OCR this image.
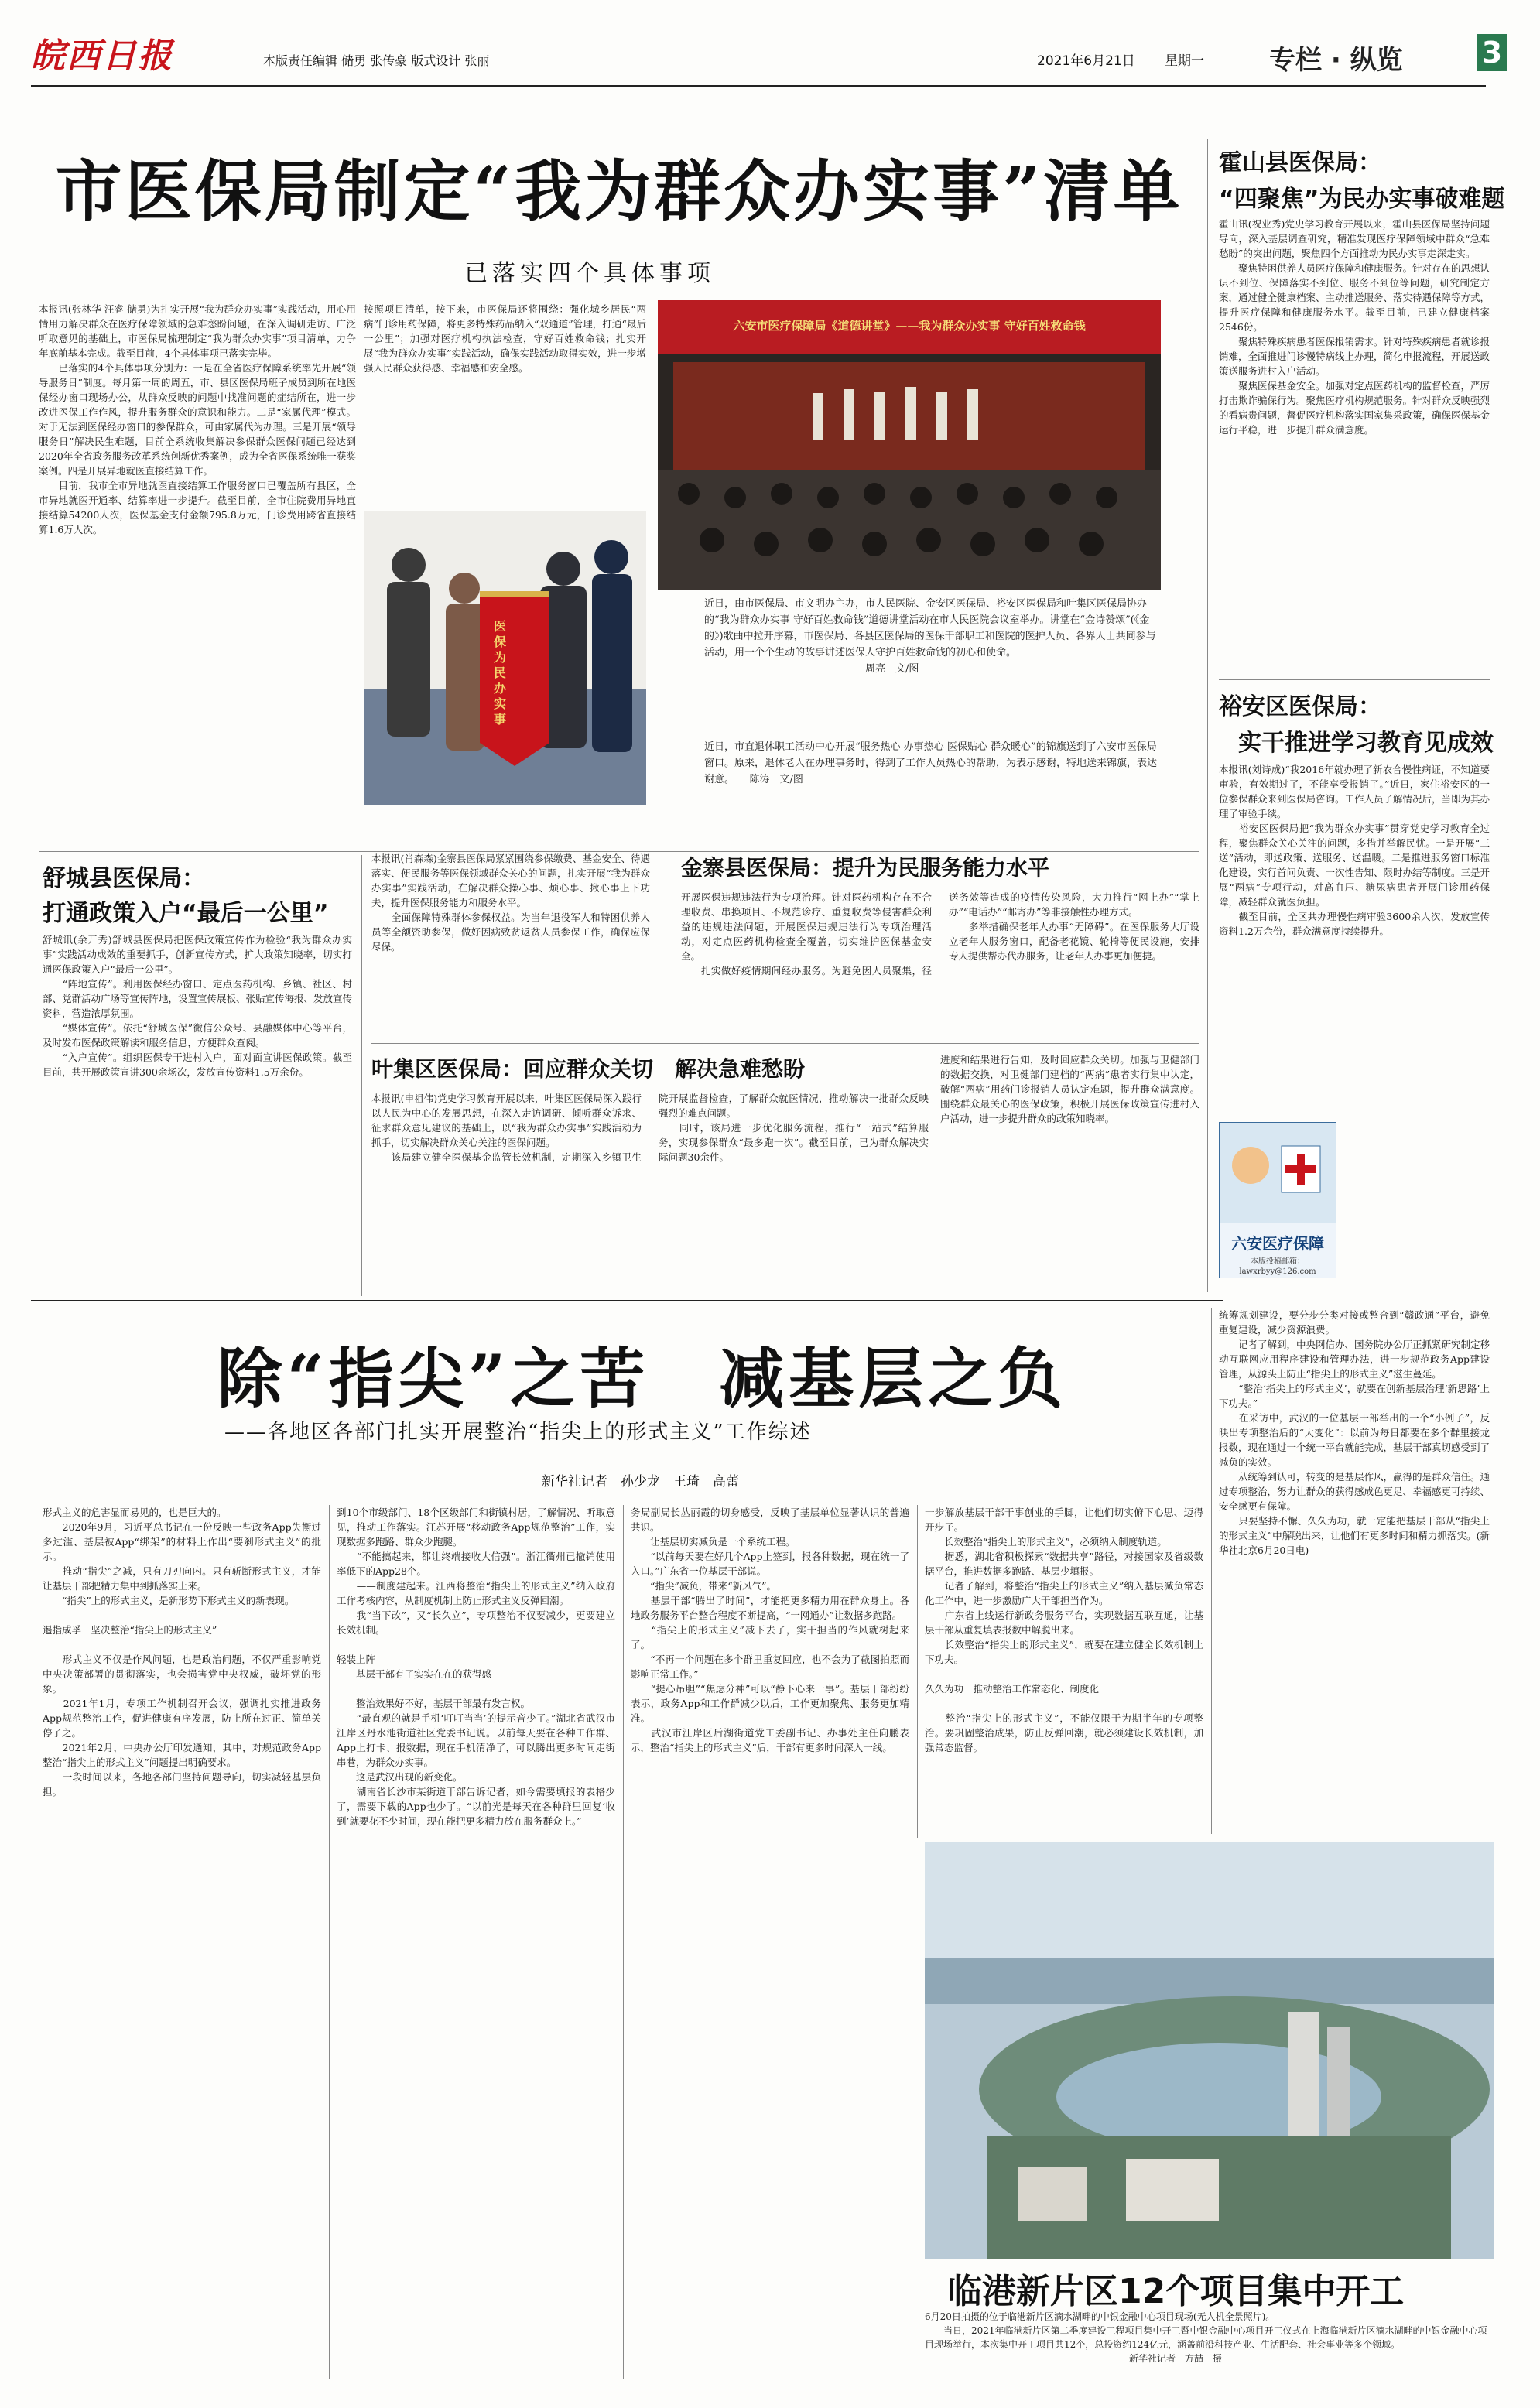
皖西日报	本版责任编辑 储勇 张传豪 版式设计 张丽	2021年6月21日 星期一 专栏 · 纵览	3
市医保局制定“我为群众办实事”清单
已落实四个具体事项
本报讯(张林华 汪睿 储勇)为扎实开展“我为群众办实事”实践活动，用心用情用力解决群众在医疗保障领域的急难愁盼问题，在深入调研走访、广泛听取意见的基础上，市医保局梳理制定“我为群众办实事”项目清单，力争年底前基本完成。截至目前，4个具体事项已落实完毕。
　　已落实的4个具体事项分别为：一是在全省医疗保障系统率先开展“领导服务日”制度。每月第一周的周五，市、县区医保局班子成员到所在地医保经办窗口现场办公，从群众反映的问题中找准问题的症结所在，进一步改进医保工作作风，提升服务群众的意识和能力。二是“家属代理”模式。对于无法到医保经办窗口的参保群众，可由家属代为办理。三是开展“领导服务日”解决民生难题，目前全系统收集解决参保群众医保问题已经达到2020年全省政务服务改革系统创新优秀案例，成为全省医保系统唯一获奖案例。四是开展异地就医直接结算工作。
　　目前，我市全市异地就医直接结算工作服务窗口已覆盖所有县区，全市异地就医开通率、结算率进一步提升。截至目前，全市住院费用异地直接结算54200人次，医保基金支付金额795.8万元，门诊费用跨省直接结算1.6万人次。
按照项目清单，按下来，市医保局还将围绕：强化城乡居民“两病”门诊用药保障，将更多特殊药品纳入“双通道”管理，打通“最后一公里”；加强对医疗机构执法检查，守好百姓救命钱；扎实开展“我为群众办实事”实践活动，确保实践活动取得实效，进一步增强人民群众获得感、幸福感和安全感。
医保为民办实事
六安市医疗保障局《道德讲堂》——我为群众办实事 守好百姓救命钱
近日，由市医保局、市文明办主办，市人民医院、金安区医保局、裕安区医保局和叶集区医保局协办的“我为群众办实事 守好百姓救命钱”道德讲堂活动在市人民医院会议室举办。讲堂在“金诗赞颂”(《金的》)歌曲中拉开序幕，市医保局、各县区医保局的医保干部职工和医院的医护人员、各界人士共同参与活动，用一个个生动的故事讲述医保人守护百姓救命钱的初心和使命。
　　　　　　　　　　　　　　　　周亮　文/图
近日，市直退休职工活动中心开展“服务热心 办事热心 医保贴心 群众暖心”的锦旗送到了六安市医保局窗口。原来，退休老人在办理事务时，得到了工作人员热心的帮助，为表示感谢，特地送来锦旗，表达谢意。　　陈涛　文/图
霍山县医保局：
“四聚焦”为民办实事破难题
霍山讯(祝业秀)党史学习教育开展以来，霍山县医保局坚持问题导向，深入基层调查研究，精准发现医疗保障领域中群众“急难愁盼”的突出问题，聚焦四个方面推动为民办实事走深走实。
　　聚焦特困供养人员医疗保障和健康服务。针对存在的思想认识不到位、保障落实不到位、服务不到位等问题，研究制定方案，通过健全健康档案、主动推送服务、落实待遇保障等方式，提升医疗保障和健康服务水平。截至目前，已建立健康档案2546份。
　　聚焦特殊疾病患者医保报销需求。针对特殊疾病患者就诊报销难，全面推进门诊慢特病线上办理，简化申报流程，开展送政策送服务进村入户活动。
　　聚焦医保基金安全。加强对定点医药机构的监督检查，严厉打击欺诈骗保行为。聚焦医疗机构规范服务。针对群众反映强烈的看病贵问题，督促医疗机构落实国家集采政策，确保医保基金运行平稳，进一步提升群众满意度。
裕安区医保局：
实干推进学习教育见成效
本报讯(刘诗成)“我2016年就办理了新农合慢性病证，不知道要审验，有效期过了，不能享受报销了。”近日，家住裕安区的一位参保群众来到医保局咨询。工作人员了解情况后，当即为其办理了审验手续。
　　裕安区医保局把“我为群众办实事”贯穿党史学习教育全过程，聚焦群众关心关注的问题，多措并举解民忧。一是开展“三送”活动，即送政策、送服务、送温暖。二是推进服务窗口标准化建设，实行首问负责、一次性告知、限时办结等制度。三是开展“两病”专项行动，对高血压、糖尿病患者开展门诊用药保障，减轻群众就医负担。
　　截至目前，全区共办理慢性病审验3600余人次，发放宣传资料1.2万余份，群众满意度持续提升。
六安医疗保障
本版投稿邮箱：lawxrbyy@126.com
舒城县医保局：
打通政策入户“最后一公里”
舒城讯(余开秀)舒城县医保局把医保政策宣传作为检验“我为群众办实事”实践活动成效的重要抓手，创新宣传方式，扩大政策知晓率，切实打通医保政策入户“最后一公里”。
　　“阵地宣传”。利用医保经办窗口、定点医药机构、乡镇、社区、村部、党群活动广场等宣传阵地，设置宣传展板、张贴宣传海报、发放宣传资料，营造浓厚氛围。
　　“媒体宣传”。依托“舒城医保”微信公众号、县融媒体中心等平台，及时发布医保政策解读和服务信息，方便群众查阅。
　　“入户宣传”。组织医保专干进村入户，面对面宣讲医保政策。截至目前，共开展政策宣讲300余场次，发放宣传资料1.5万余份。
本报讯(肖森森)金寨县医保局紧紧围绕参保缴费、基金安全、待遇落实、便民服务等医保领域群众关心的问题，扎实开展“我为群众办实事”实践活动，在解决群众操心事、烦心事、揪心事上下功夫，提升医保服务能力和服务水平。
　　全面保障特殊群体参保权益。为当年退役军人和特困供养人员等全额资助参保，做好因病致贫返贫人员参保工作，确保应保尽保。
金寨县医保局：提升为民服务能力水平
开展医保违规违法行为专项治理。针对医药机构存在不合理收费、串换项目、不规范诊疗、重复收费等侵害群众利益的违规违法问题，开展医保违规违法行为专项治理活动，对定点医药机构检查全覆盖，切实维护医保基金安全。
　　扎实做好疫情期间经办服务。为避免因人员聚集，径送务效等造成的疫情传染风险，大力推行“网上办”“掌上办”“电话办”“邮寄办”等非接触性办理方式。
　　多举措确保老年人办事“无障碍”。在医保服务大厅设立老年人服务窗口，配备老花镜、轮椅等便民设施，安排专人提供帮办代办服务，让老年人办事更加便捷。
叶集区医保局：回应群众关切　解决急难愁盼
本报讯(申祖伟)党史学习教育开展以来，叶集区医保局深入践行以人民为中心的发展思想，在深入走访调研、倾听群众诉求、征求群众意见建议的基础上，以“我为群众办实事”实践活动为抓手，切实解决群众关心关注的医保问题。
　　该局建立健全医保基金监管长效机制，定期深入乡镇卫生院开展监督检查，了解群众就医情况，推动解决一批群众反映强烈的难点问题。
　　同时，该局进一步优化服务流程，推行“一站式”结算服务，实现参保群众“最多跑一次”。截至目前，已为群众解决实际问题30余件。
进度和结果进行告知，及时回应群众关切。加强与卫健部门的数据交换，对卫健部门建档的“两病”患者实行集中认定，破解“两病”用药门诊报销人员认定难题，提升群众满意度。围绕群众最关心的医保政策，积极开展医保政策宣传进村入户活动，进一步提升群众的政策知晓率。
除“指尖”之苦　减基层之负
——各地区各部门扎实开展整治“指尖上的形式主义”工作综述
新华社记者　孙少龙　王琦　高蕾
形式主义的危害显而易见的，也是巨大的。
　　2020年9月，习近平总书记在一份反映一些政务App失衡过多过滥、基层被App“绑架”的材料上作出“要刹形式主义”的批示。
　　推动“指尖”之减，只有刀刃向内。只有斩断形式主义，才能让基层干部把精力集中到抓落实上来。
　　“指尖”上的形式主义，是新形势下形式主义的新表现。

遏指成孚　坚决整治“指尖上的形式主义”

　　形式主义不仅是作风问题，也是政治问题，不仅严重影响党中央决策部署的贯彻落实，也会损害党中央权威，破坏党的形象。
　　2021年1月，专项工作机制召开会议，强调扎实推进政务App规范整治工作，促进健康有序发展，防止所在过正、简单关停了之。
　　2021年2月，中央办公厅印发通知，其中，对规范政务App整治“指尖上的形式主义”问题提出明确要求。
　　一段时间以来，各地各部门坚持问题导向，切实减轻基层负担。
到10个市级部门、18个区级部门和街镇村居，了解情况、听取意见，推动工作落实。江苏开展“移动政务App规范整治”工作，实现数据多跑路、群众少跑腿。
　　“不能搞起来，都让终端接收大信强”。浙江衢州已撤销使用率低下的App28个。
　　——制度建起来。江西将整治“指尖上的形式主义”纳入政府工作考核内容，从制度机制上防止形式主义反弹回潮。
　　我“当下改”，又“长久立”，专项整治不仅要减少，更要建立长效机制。

轻装上阵
　　基层干部有了实实在在的获得感

　　整治效果好不好，基层干部最有发言权。
　　“最直观的就是手机‘叮叮当当’的提示音少了。”湖北省武汉市江岸区丹水池街道社区党委书记说。以前每天要在各种工作群、App上打卡、报数据，现在手机清净了，可以腾出更多时间走街串巷，为群众办实事。
　　这是武汉出现的新变化。
　　湖南省长沙市某街道干部告诉记者，如今需要填报的表格少了，需要下载的App也少了。“以前光是每天在各种群里回复‘收到’就要花不少时间，现在能把更多精力放在服务群众上。”
务局副局长丛丽霞的切身感受，反映了基层单位显著认识的普遍共识。
　　让基层切实减负是一个系统工程。
　　“以前每天要在好几个App上签到，报各种数据，现在统一了入口。”广东省一位基层干部说。
　　“指尖”减负，带来“新风气”。
　　基层干部“腾出了时间”，才能把更多精力用在群众身上。各地政务服务平台整合程度不断提高，“一网通办”让数据多跑路。
　　“指尖上的形式主义”减下去了，实干担当的作风就树起来了。
　　“不再一个问题在多个群里重复回应，也不会为了截图拍照而影响正常工作。”
　　“提心吊胆”“焦虑分神”可以“静下心来干事”。基层干部纷纷表示，政务App和工作群减少以后，工作更加聚焦、服务更加精准。
　　武汉市江岸区后湖街道党工委副书记、办事处主任向鹏表示，整治“指尖上的形式主义”后，干部有更多时间深入一线。
一步解放基层干部干事创业的手脚，让他们切实俯下心思、迈得开步子。
　　长效整治“指尖上的形式主义”，必须纳入制度轨道。
　　据悉，湖北省积极探索“数据共享”路径，对接国家及省级数据平台，推进数据多跑路、基层少填报。
　　记者了解到，将整治“指尖上的形式主义”纳入基层减负常态化工作中，进一步激励广大干部担当作为。
　　广东省上线运行新政务服务平台，实现数据互联互通，让基层干部从重复填表报数中解脱出来。
　　长效整治“指尖上的形式主义”，就要在建立健全长效机制上下功夫。

久久为功　推动整治工作常态化、制度化

　　整治“指尖上的形式主义”，不能仅限于为期半年的专项整治。要巩固整治成果，防止反弹回潮，就必须建设长效机制，加强常态监督。
统筹规划建设，要分步分类对接或整合到“赣政通”平台，避免重复建设，减少资源浪费。
　　记者了解到，中央网信办、国务院办公厅正抓紧研究制定移动互联网应用程序建设和管理办法，进一步规范政务App建设管理，从源头上防止“指尖上的形式主义”滋生蔓延。
　　“整治‘指尖上的形式主义’，就要在创新基层治理‘新思路’上下功夫。”
　　在采访中，武汉的一位基层干部举出的一个“小例子”，反映出专项整治后的“大变化”：以前为每日都要在多个群里接龙报数，现在通过一个统一平台就能完成，基层干部真切感受到了减负的实效。
　　从统筹到认可，转变的是基层作风，赢得的是群众信任。通过专项整治，努力让群众的获得感成色更足、幸福感更可持续、安全感更有保障。
　　只要坚持不懈、久久为功，就一定能把基层干部从“指尖上的形式主义”中解脱出来，让他们有更多时间和精力抓落实。(新华社北京6月20日电)
临港新片区12个项目集中开工
6月20日拍摄的位于临港新片区滴水湖畔的中银金融中心项目现场(无人机全景照片)。
　　当日，2021年临港新片区第二季度建设工程项目集中开工暨中银金融中心项目开工仪式在上海临港新片区滴水湖畔的中银金融中心项目现场举行，本次集中开工项目共12个，总投资约124亿元，涵盖前沿科技产业、生活配套、社会事业等多个领域。
　　　　　　　　　　　　　　　　　　　　　　新华社记者　方喆　摄
